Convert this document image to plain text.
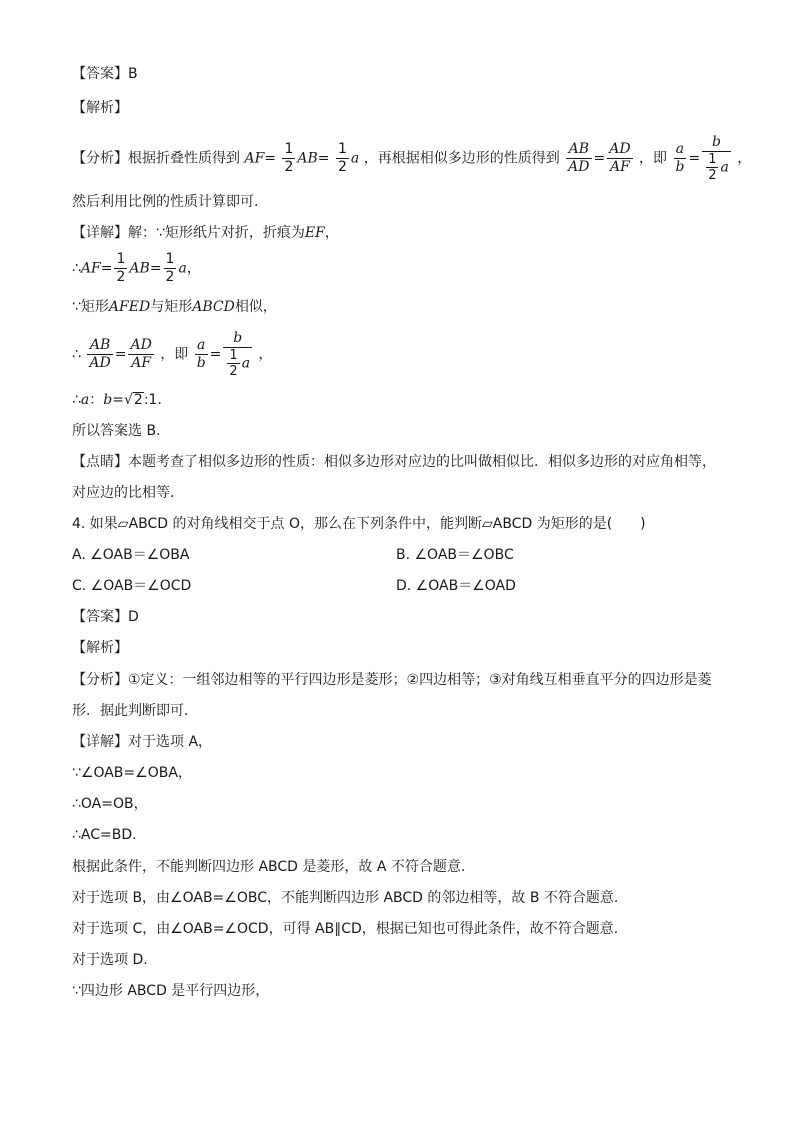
【答案】B
【解析】
【分析】根据折叠性质得到 $AF= \frac{1}{2} AB= \frac{1}{2}$ a ，再根据相似多边形的性质得到 $\frac{AB}{AD} = \frac{AD}{AF}$ ，即 $\frac{a}{b} = \frac{b}{\frac{1}{2} a}$ ，
然后利用比例的性质计算即可．
【详解】解：∵矩形纸片对折，折痕为EF，
∴AF= $\frac{1}{2} AB= \frac{1}{2}$ a，
∵矩形AFED与矩形ABCD相似，
∴ $\frac{AB}{AD} = \frac{AD}{AF}$ ，即 $\frac{a}{b} = \frac{b}{\frac{1}{2} a}$ ，
∴a：b=√2:1．
所以答案选 B.
【点睛】本题考查了相似多边形的性质：相似多边形对应边的比叫做相似比．相似多边形的对应角相等，
对应边的比相等．
4. 如果▱ABCD 的对角线相交于点 O，那么在下列条件中，能判断▱ABCD 为矩形的是(　　)
A. ∠OAB＝∠OBA	B. ∠OAB＝∠OBC
C. ∠OAB＝∠OCD	D. ∠OAB＝∠OAD
【答案】D
【解析】
【分析】①定义：一组邻边相等的平行四边形是菱形；②四边相等；③对角线互相垂直平分的四边形是菱
形．据此判断即可．
【详解】对于选项 A，
∵∠OAB=∠OBA，
∴OA=OB，
∴AC=BD.
根据此条件，不能判断四边形 ABCD 是菱形，故 A 不符合题意.
对于选项 B，由∠OAB=∠OBC，不能判断四边形 ABCD 的邻边相等，故 B 不符合题意.
对于选项 C，由∠OAB=∠OCD，可得 AB∥CD，根据已知也可得此条件，故不符合题意.
对于选项 D.
∵四边形 ABCD 是平行四边形，
